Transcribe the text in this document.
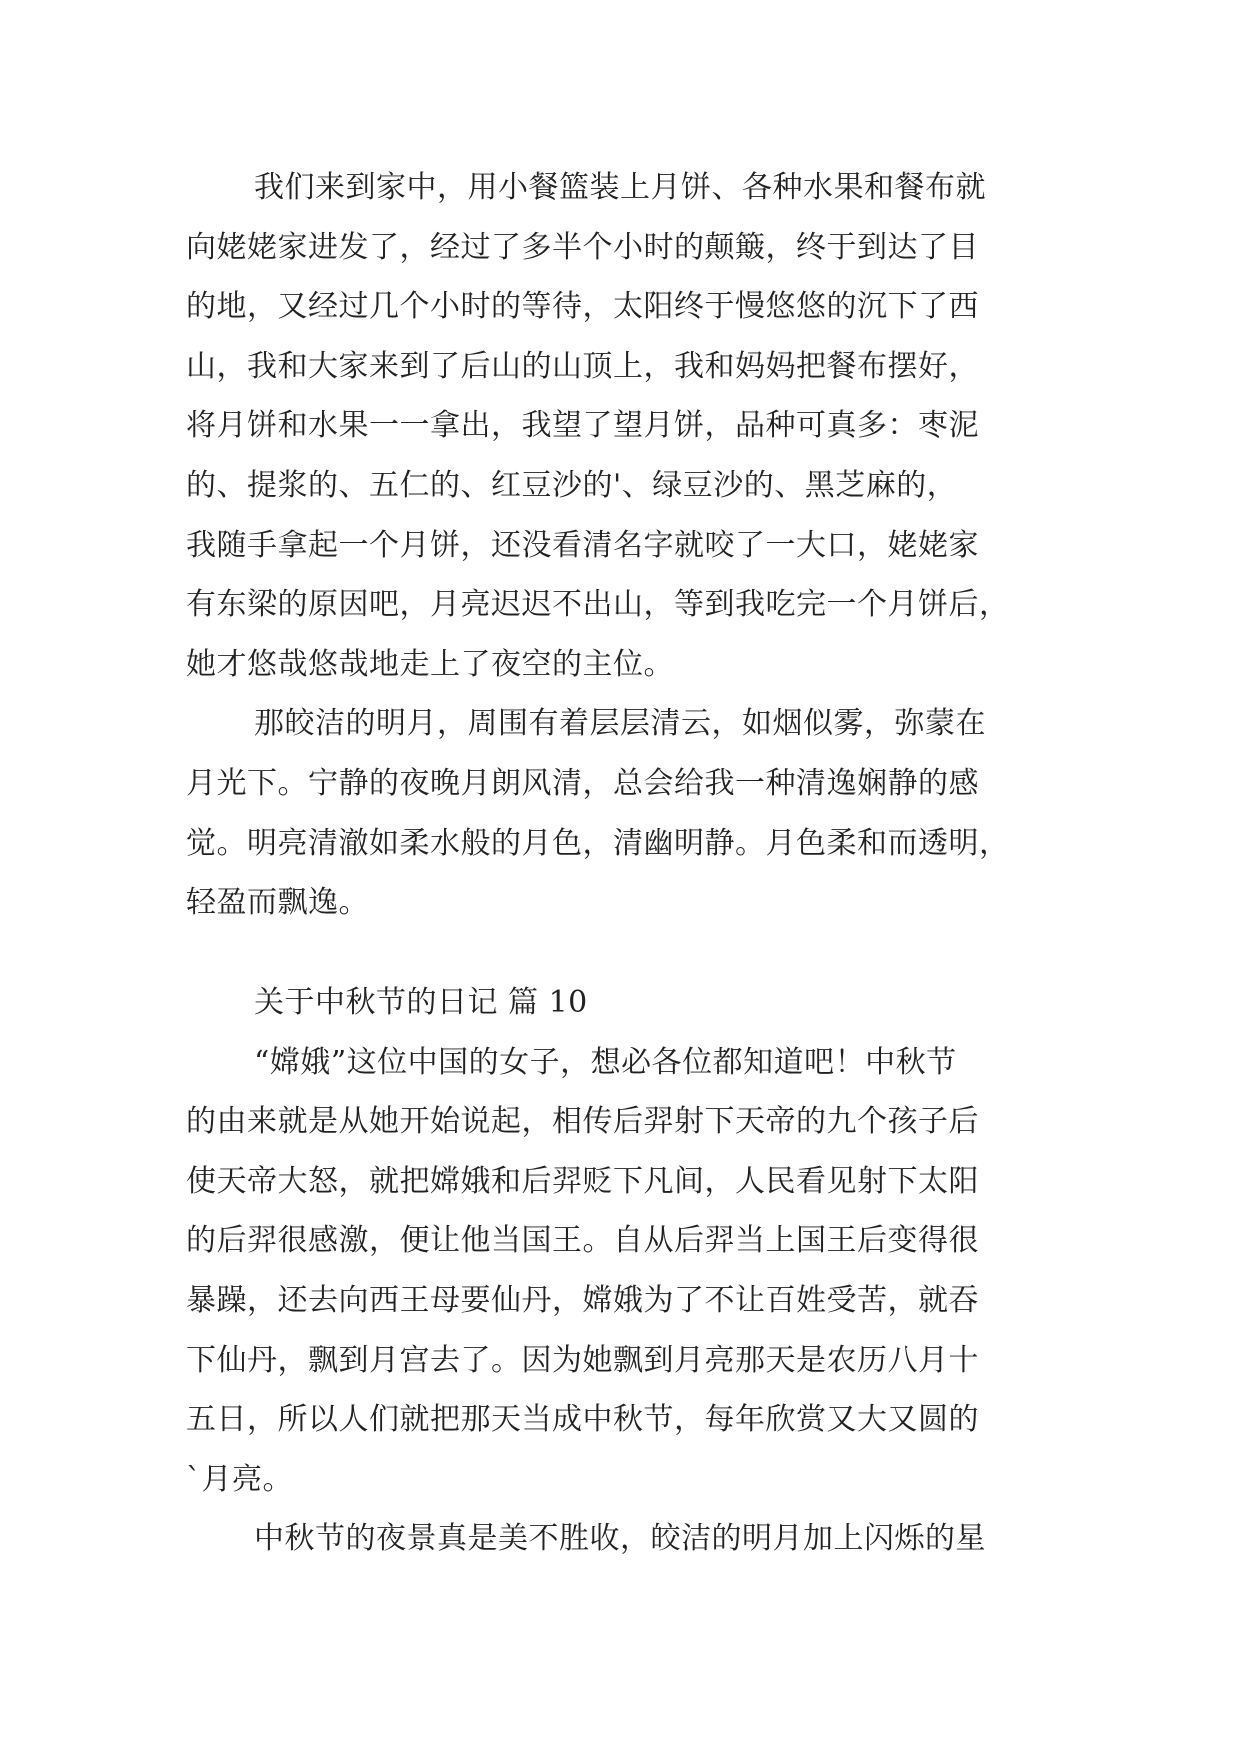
我们来到家中，用小餐篮装上月饼、各种水果和餐布就
向姥姥家进发了，经过了多半个小时的颠簸，终于到达了目
的地，又经过几个小时的等待，太阳终于慢悠悠的沉下了西
山，我和大家来到了后山的山顶上，我和妈妈把餐布摆好，
将月饼和水果一一拿出，我望了望月饼，品种可真多：枣泥
的、提浆的、五仁的、红豆沙的'、绿豆沙的、黑芝麻的，
我随手拿起一个月饼，还没看清名字就咬了一大口，姥姥家
有东梁的原因吧，月亮迟迟不出山，等到我吃完一个月饼后，
她才悠哉悠哉地走上了夜空的主位。
那皎洁的明月，周围有着层层清云，如烟似雾，弥蒙在
月光下。宁静的夜晚月朗风清，总会给我一种清逸娴静的感
觉。明亮清澈如柔水般的月色，清幽明静。月色柔和而透明，
轻盈而飘逸。
关于中秋节的日记 篇 10
“嫦娥”这位中国的女子，想必各位都知道吧！中秋节
的由来就是从她开始说起，相传后羿射下天帝的九个孩子后
使天帝大怒，就把嫦娥和后羿贬下凡间，人民看见射下太阳
的后羿很感激，便让他当国王。自从后羿当上国王后变得很
暴躁，还去向西王母要仙丹，嫦娥为了不让百姓受苦，就吞
下仙丹，飘到月宫去了。因为她飘到月亮那天是农历八月十
五日，所以人们就把那天当成中秋节，每年欣赏又大又圆的
`月亮。
中秋节的夜景真是美不胜收，皎洁的明月加上闪烁的星
